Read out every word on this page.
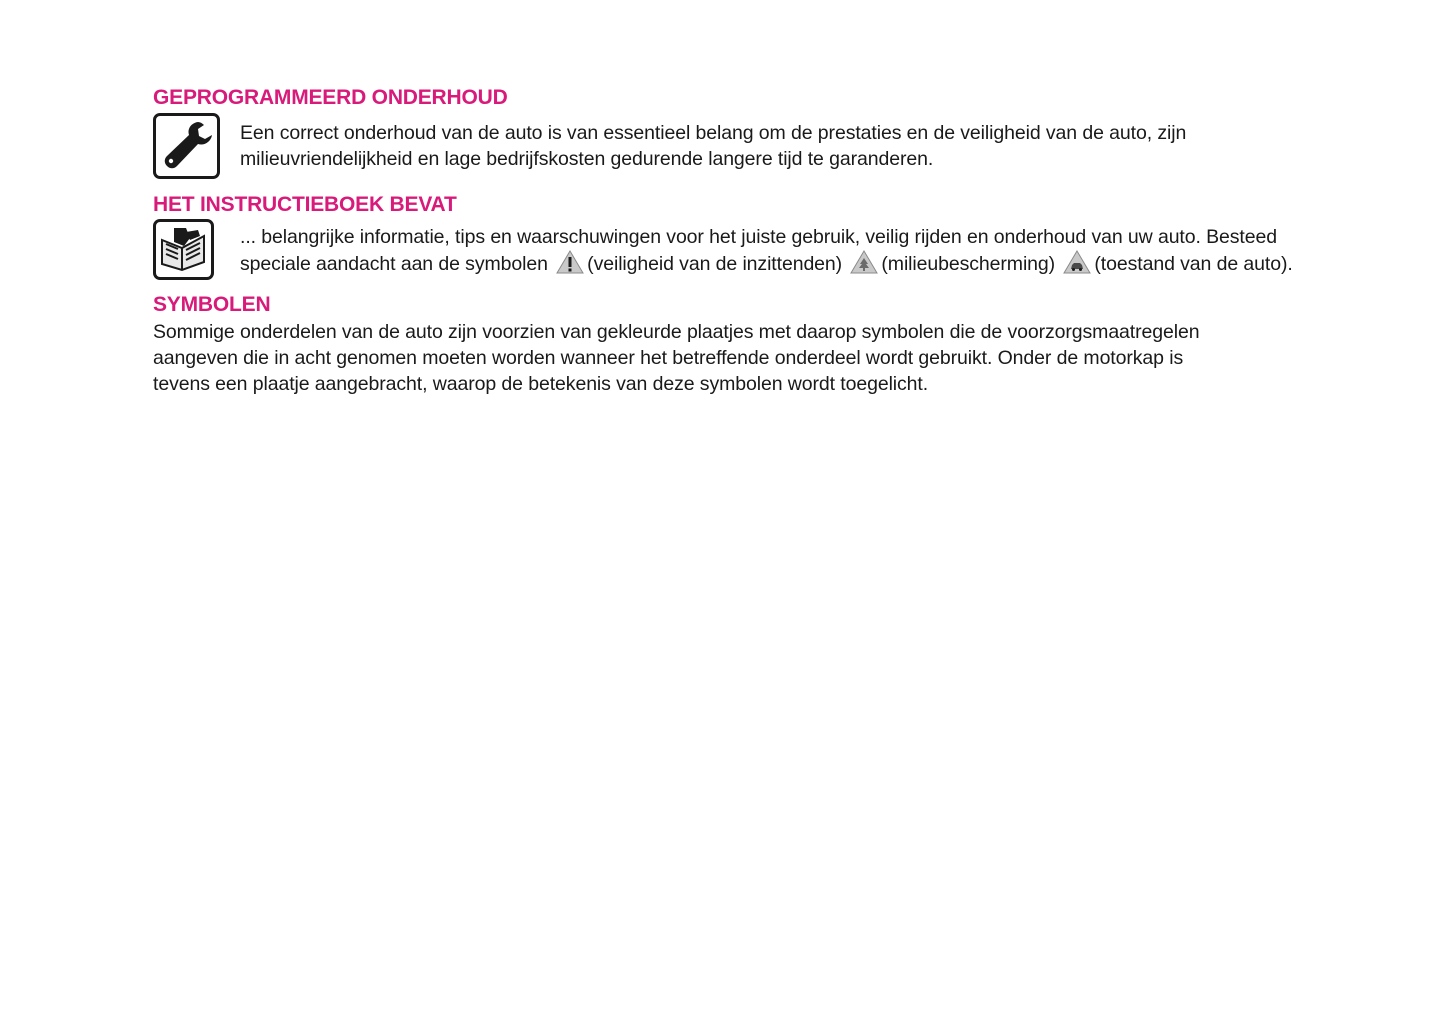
GEPROGRAMMEERD ONDERHOUD

Een correct onderhoud van de auto is van essentieel belang om de prestaties en de veiligheid van de auto, zijn
milieuvriendelijkheid en lage bedrijfskosten gedurende langere tijd te garanderen.

HET INSTRUCTIEBOEK BEVAT

... belangrijke informatie, tips en waarschuwingen voor het juiste gebruik, veilig rijden en onderhoud van uw auto. Besteed
speciale aandacht aan de symbolen (veiligheid van de inzittenden) (milieubescherming) (toestand van de auto).

SYMBOLEN

Sommige onderdelen van de auto zijn voorzien van gekleurde plaatjes met daarop symbolen die de voorzorgsmaatregelen
aangeven die in acht genomen moeten worden wanneer het betreffende onderdeel wordt gebruikt. Onder de motorkap is
tevens een plaatje aangebracht, waarop de betekenis van deze symbolen wordt toegelicht.
